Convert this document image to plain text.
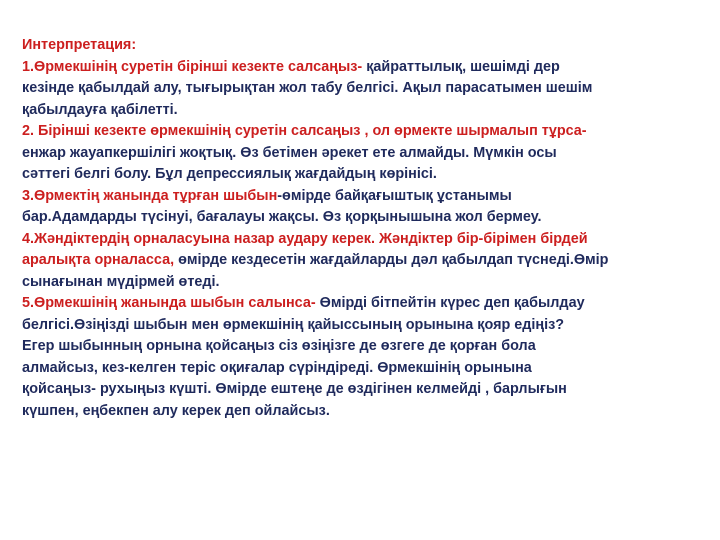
Интерпретация:
1.Өрмекшінің суретін бірінші кезекте салсаңыз- қайраттылық, шешімді дер
кезінде қабылдай алу, тығырықтан жол табу белгісі. Ақыл парасатымен шешім
қабылдауға қабілетті.
2. Бірінші кезекте өрмекшінің суретін салсаңыз , ол өрмекте шырмалып тұрса-
енжар жауапкершілігі жоқтық. Өз бетімен әрекет ете алмайды. Мүмкін осы
сәттегі белгі болу. Бұл депрессиялық жағдайдың көрінісі.
3.Өрмектің жанында тұрған шыбын-өмірде байқағыштық ұстанымы
бар.Адамдарды түсінуі, бағалауы жақсы. Өз қорқынышына жол бермеу.
4.Жәндіктердің орналасуына назар аудару керек. Жәндіктер бір-бірімен бірдей
аралықта орналасса, өмірде кездесетін жағдайларды дәл қабылдап түснеді.Өмір
сынағынан мүдірмей өтеді.
5.Өрмекшінің жанында шыбын салынса- Өмірді бітпейтін күрес деп қабылдау
белгісі.Өзіңізді шыбын мен өрмекшінің қайыссының орынына қояр едіңіз?
Егер шыбынның орнына қойсаңыз сіз өзіңізге де өзгеге де қорған бола
алмайсыз, кез-келген теріс оқиғалар сүріндіреді. Өрмекшінің орынына
қойсаңыз- рухыңыз күшті. Өмірде ештеңе де өздігінен келмейді , барлығын
күшпен, еңбекпен алу керек деп ойлайсыз.
